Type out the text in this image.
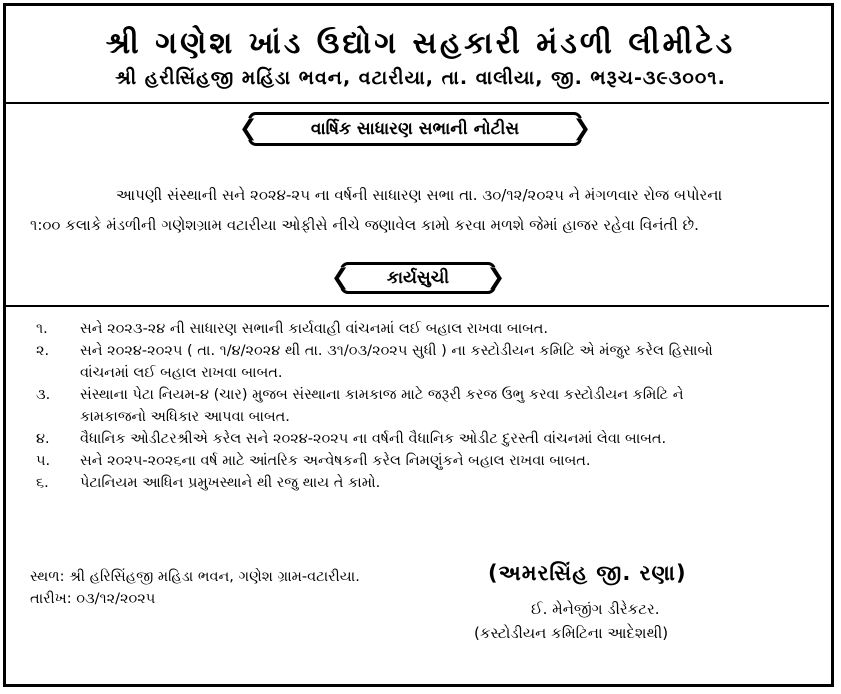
શ્રી ગણેશ ખાંડ ઉદ્યોગ સહકારી મંડળી લીમીટેડ
શ્રી હરીસિંહજી મહિંડા ભવન, વટારીયા, તા. વાલીયા, જી. ભરૂચ-૩૯૩૦૦૧.
❮	વાર્ષિક સાધારણ સભાની નોટીસ ❯

આપણી સંસ્થાની સને ૨૦૨૪-૨૫ ના વર્ષની સાધારણ સભા તા. ૩૦/૧૨/૨૦૨૫ ને મંગળવાર રોજ બપોરના

૧:૦૦ કલાકે મંડળીની ગણેશગ્રામ વટારીયા ઓફીસે નીચે જણાવેલ કામો કરવા મળશે જેમાં હાજર રહેવા વિનંતી છે.

❮ કાર્યસુચી ❯
૧. સને ૨૦૨૩-૨૪ ની સાધારણ સભાની કાર્યવાહી વાંચનમાં લઈ બહાલ રાખવા બાબત.
૨. સને ૨૦૨૪-૨૦૨૫ ( તા. ૧/૪/૨૦૨૪ થી તા. ૩૧/૦૩/૨૦૨૫ સુધી ) ના કસ્ટોડીયન કમિટિ એ મંજુર કરેલ હિસાબો
વાંચનમાં લઈ બહાલ રાખવા બાબત.
૩. સંસ્થાના પેટા નિયમ-૪ (ચાર) મુજબ સંસ્થાના કામકાજ માટે જરૂરી કરજ ઉભુ કરવા કસ્ટોડીયન કમિટિ ને
કામકાજનો અધિકાર આપવા બાબત.
૪. વૈધાનિક ઓડીટરશ્રીએ કરેલ સને ૨૦૨૪-૨૦૨૫ ના વર્ષની વૈધાનિક ઓડીટ દુરસ્તી વાંચનમાં લેવા બાબત.
૫. સને ૨૦૨૫-૨૦૨૬ના વર્ષ માટે આંતરિક અન્વેષકની કરેલ નિમણુંકને બહાલ રાખવા બાબત.
૬. પેટાનિયમ આધિન પ્રમુખસ્થાને થી રજુ થાય તે કામો.
સ્થળ: શ્રી હરિસિંહજી મહિડા ભવન, ગણેશ ગ્રામ-વટારીયા.
તારીખ: ૦૩/૧૨/૨૦૨૫
(અમરસિંહ જી. રણા)
ઈ. મેનેજીંગ ડીરેકટર.
(કસ્ટોડીયન કમિટિના આદેશથી)
